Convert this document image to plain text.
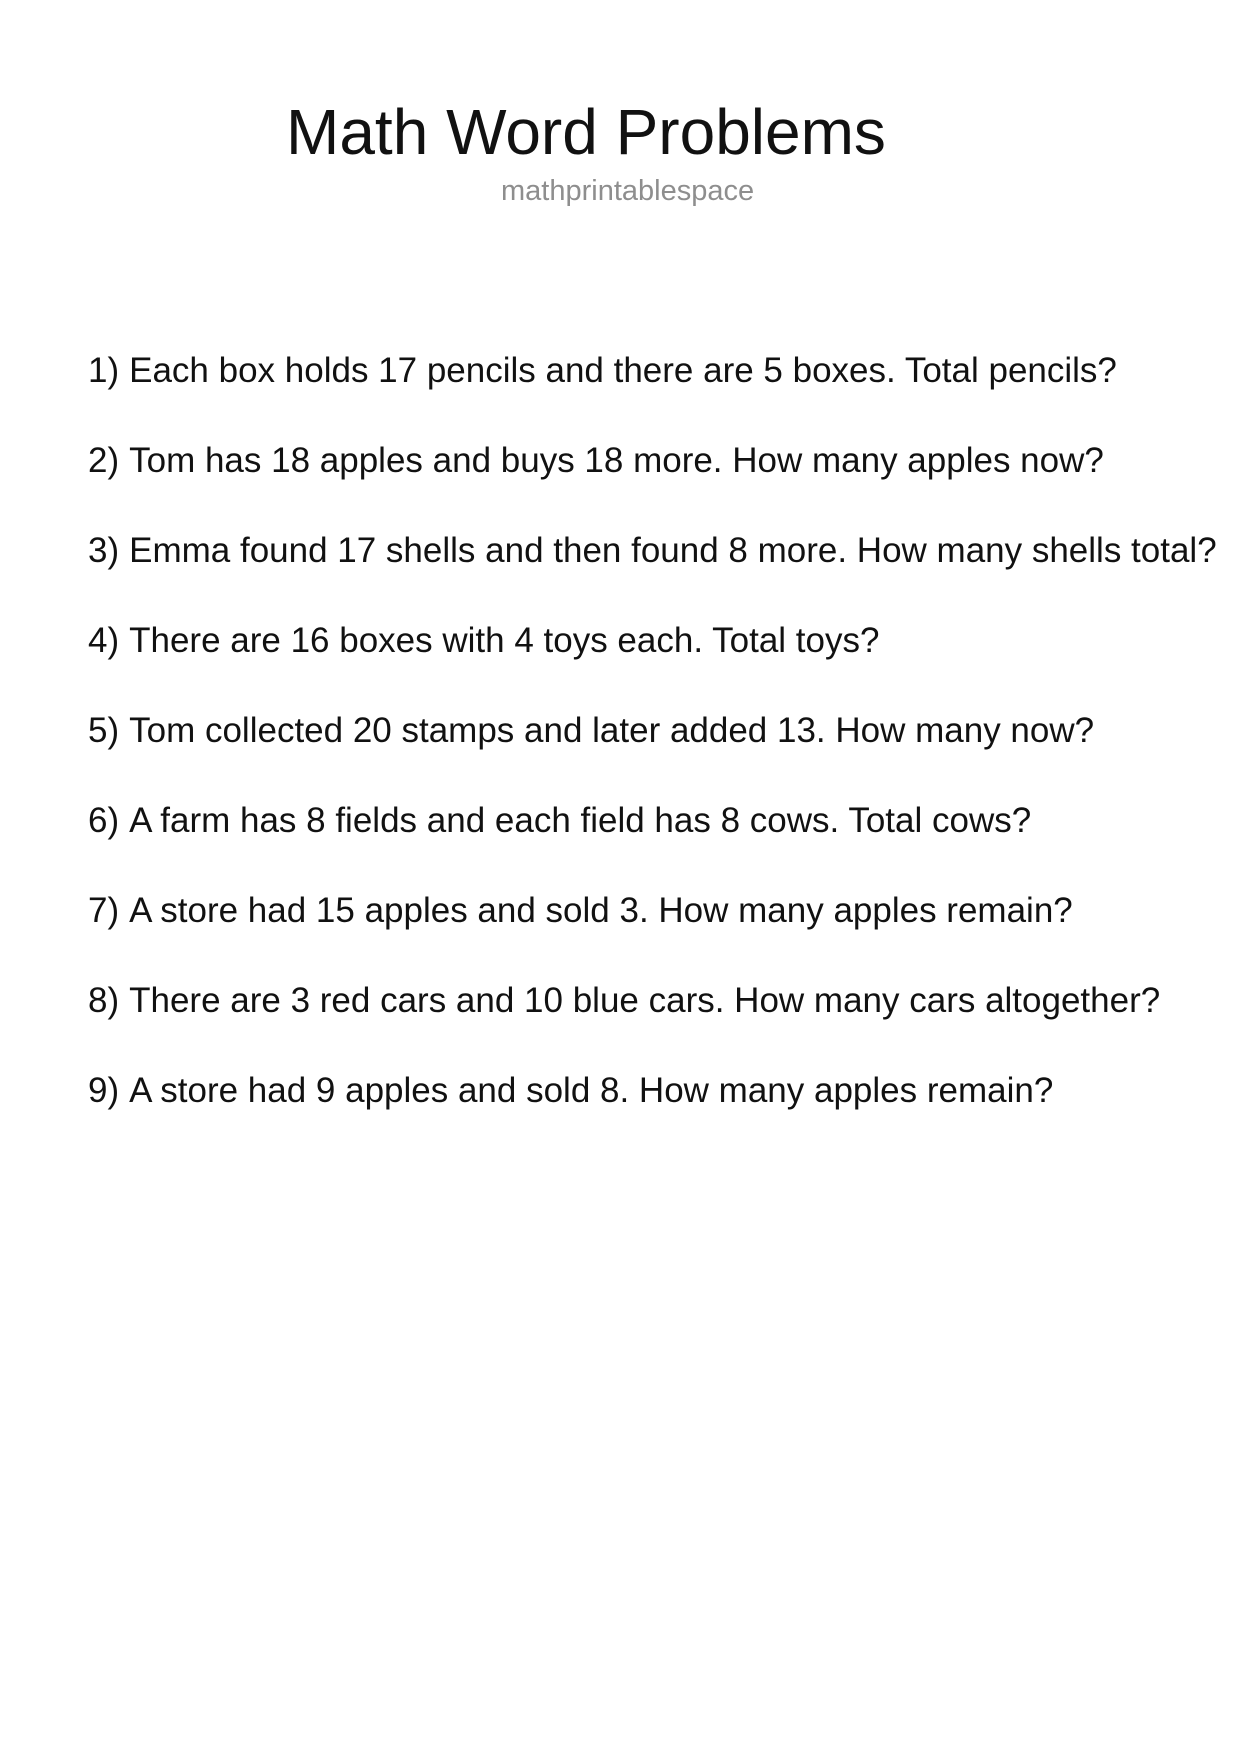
Math Word Problems
mathprintablespace
1) Each box holds 17 pencils and there are 5 boxes. Total pencils?
2) Tom has 18 apples and buys 18 more. How many apples now?
3) Emma found 17 shells and then found 8 more. How many shells total?
4) There are 16 boxes with 4 toys each. Total toys?
5) Tom collected 20 stamps and later added 13. How many now?
6) A farm has 8 fields and each field has 8 cows. Total cows?
7) A store had 15 apples and sold 3. How many apples remain?
8) There are 3 red cars and 10 blue cars. How many cars altogether?
9) A store had 9 apples and sold 8. How many apples remain?
